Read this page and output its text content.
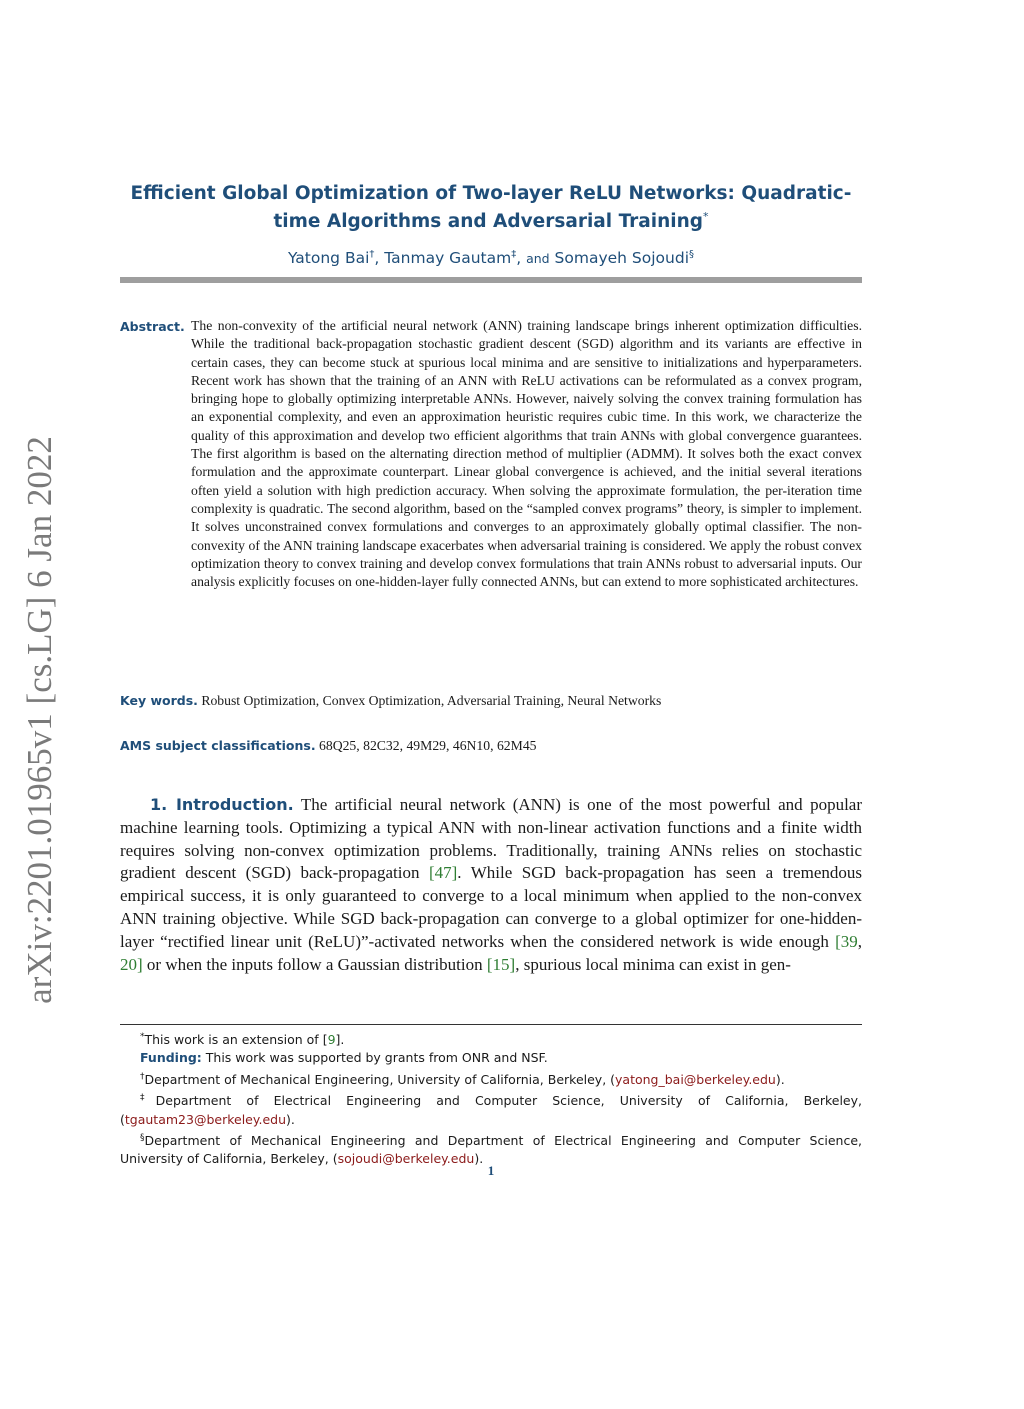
arXiv:2201.01965v1 [cs.LG] 6 Jan 2022
Efficient Global Optimization of Two-layer ReLU Networks: Quadratic-time Algorithms and Adversarial Training*
Yatong Bai†, Tanmay Gautam‡, and Somayeh Sojoudi§
Abstract. The non-convexity of the artificial neural network (ANN) training landscape brings inherent optimization difficulties. While the traditional back-propagation stochastic gradient descent (SGD) algorithm and its variants are effective in certain cases, they can become stuck at spurious local minima and are sensitive to initializations and hyperparameters. Recent work has shown that the training of an ANN with ReLU activations can be reformulated as a convex program, bringing hope to globally optimizing interpretable ANNs. However, naively solving the convex training formulation has an exponential complexity, and even an approximation heuristic requires cubic time. In this work, we characterize the quality of this approximation and develop two efficient algorithms that train ANNs with global convergence guarantees. The first algorithm is based on the alternating direction method of multiplier (ADMM). It solves both the exact convex formulation and the approximate counterpart. Linear global convergence is achieved, and the initial several iterations often yield a solution with high prediction accuracy. When solving the approximate formulation, the per-iteration time complexity is quadratic. The second algorithm, based on the “sampled convex programs” theory, is simpler to implement. It solves unconstrained convex formulations and converges to an approximately globally optimal classifier. The non-convexity of the ANN training landscape exacerbates when adversarial training is considered. We apply the robust convex optimization theory to convex training and develop convex formulations that train ANNs robust to adversarial inputs. Our analysis explicitly focuses on one-hidden-layer fully connected ANNs, but can extend to more sophisticated architectures.
Key words. Robust Optimization, Convex Optimization, Adversarial Training, Neural Networks
AMS subject classifications. 68Q25, 82C32, 49M29, 46N10, 62M45
1. Introduction. The artificial neural network (ANN) is one of the most powerful and popular machine learning tools. Optimizing a typical ANN with non-linear activation functions and a finite width requires solving non-convex optimization problems. Traditionally, training ANNs relies on stochastic gradient descent (SGD) back-propagation [47]. While SGD back-propagation has seen a tremendous empirical success, it is only guaranteed to converge to a local minimum when applied to the non-convex ANN training objective. While SGD back-propagation can converge to a global optimizer for one-hidden-layer “rectified linear unit (ReLU)”-activated networks when the considered network is wide enough [39, 20] or when the inputs follow a Gaussian distribution [15], spurious local minima can exist in gen-

*This work is an extension of [9].

Funding: This work was supported by grants from ONR and NSF.

†Department of Mechanical Engineering, University of California, Berkeley, (yatong_bai@berkeley.edu).

‡Department of Electrical Engineering and Computer Science, University of California, Berkeley, (tgautam23@berkeley.edu).

§Department of Mechanical Engineering and Department of Electrical Engineering and Computer Science, University of California, Berkeley, (sojoudi@berkeley.edu).

1
